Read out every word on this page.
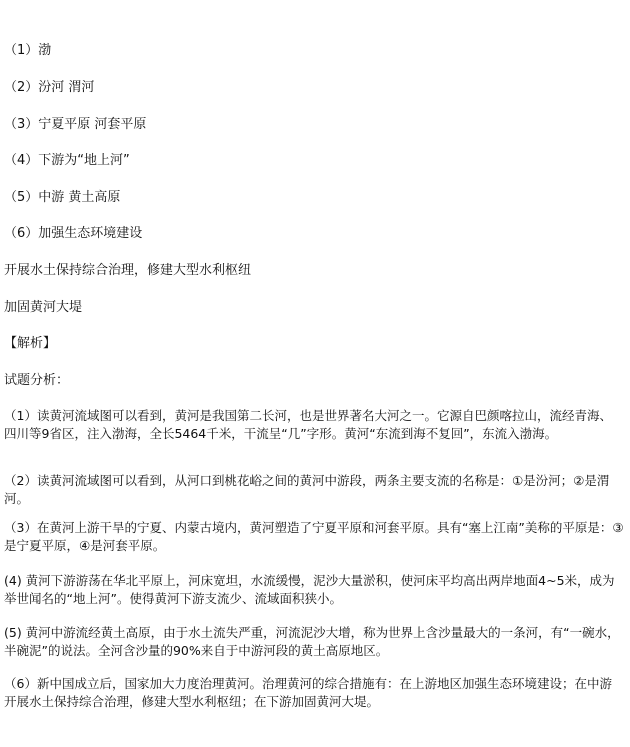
（1）渤
（2）汾河 渭河
（3）宁夏平原 河套平原
（4）下游为“地上河”
（5）中游 黄土高原
（6）加强生态环境建设
开展水土保持综合治理，修建大型水利枢纽
加固黄河大堤
【解析】
试题分析：
（1）读黄河流域图可以看到，黄河是我国第二长河，也是世界著名大河之一。它源自巴颜喀拉山，流经青海、四川等9省区，注入渤海，全长5464千米，干流呈“几”字形。黄河“东流到海不复回”，东流入渤海。
（2）读黄河流域图可以看到，从河口到桃花峪之间的黄河中游段，两条主要支流的名称是：①是汾河；②是渭河。
（3）在黄河上游干旱的宁夏、内蒙古境内，黄河塑造了宁夏平原和河套平原。具有“塞上江南”美称的平原是：③是宁夏平原，④是河套平原。
(4) 黄河下游游荡在华北平原上，河床宽坦，水流缓慢，泥沙大量淤积，使河床平均高出两岸地面4~5米，成为举世闻名的“地上河”。使得黄河下游支流少、流域面积狭小。
(5) 黄河中游流经黄土高原，由于水土流失严重，河流泥沙大增，称为世界上含沙量最大的一条河，有“一碗水，半碗泥”的说法。全河含沙量的90%来自于中游河段的黄土高原地区。
（6）新中国成立后，国家加大力度治理黄河。治理黄河的综合措施有：在上游地区加强生态环境建设；在中游开展水土保持综合治理，修建大型水利枢纽；在下游加固黄河大堤。
